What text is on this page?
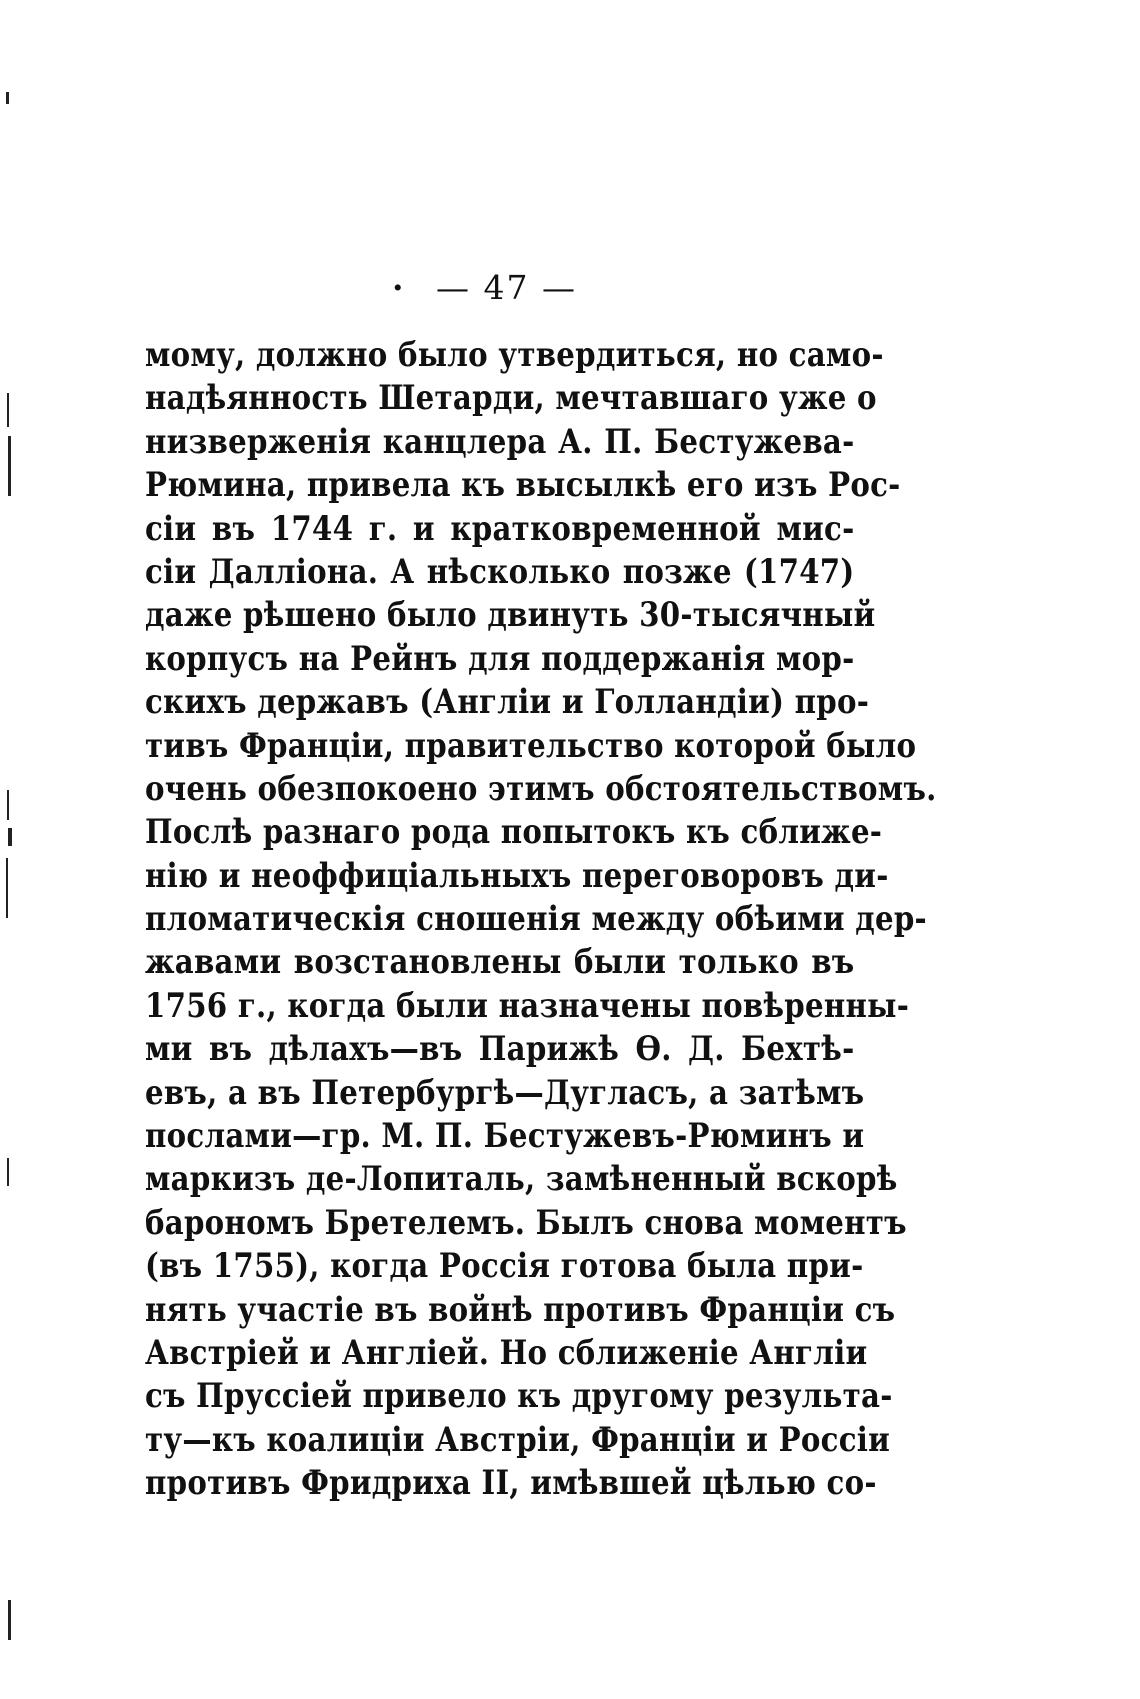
· — 47 —
мому, должно было утвердиться, но само-
надѣянность Шетарди, мечтавшаго уже о
низверженія канцлера А. П. Бестужева-
Рюмина, привела къ высылкѣ его изъ Рос-
сіи въ 1744 г. и кратковременной мис-
сіи Далліона. А нѣсколько позже (1747)
даже рѣшено было двинуть 30-тысячный
корпусъ на Рейнъ для поддержанія мор-
скихъ державъ (Англіи и Голландіи) про-
тивъ Франціи, правительство которой было
очень обезпокоено этимъ обстоятельствомъ.
Послѣ разнаго рода попытокъ къ сближе-
нію и неоффиціальныхъ переговоровъ ди-
пломатическія сношенія между обѣими дер-
жавами возстановлены были только въ
1756 г., когда были назначены повѣренны-
ми въ дѣлахъ—въ Парижѣ Ѳ. Д. Бехтѣ-
евъ, а въ Петербургѣ—Дугласъ, а затѣмъ
послами—гр. М. П. Бестужевъ-Рюминъ и
маркизъ де-Лопиталь, замѣненный вскорѣ
барономъ Бретелемъ. Былъ снова моментъ
(въ 1755), когда Россія готова была при-
нять участіе въ войнѣ противъ Франціи съ
Австріей и Англіей. Но сближеніе Англіи
съ Пруссіей привело къ другому результа-
ту—къ коалиціи Австріи, Франціи и Россіи
противъ Фридриха II, имѣвшей цѣлью со-
